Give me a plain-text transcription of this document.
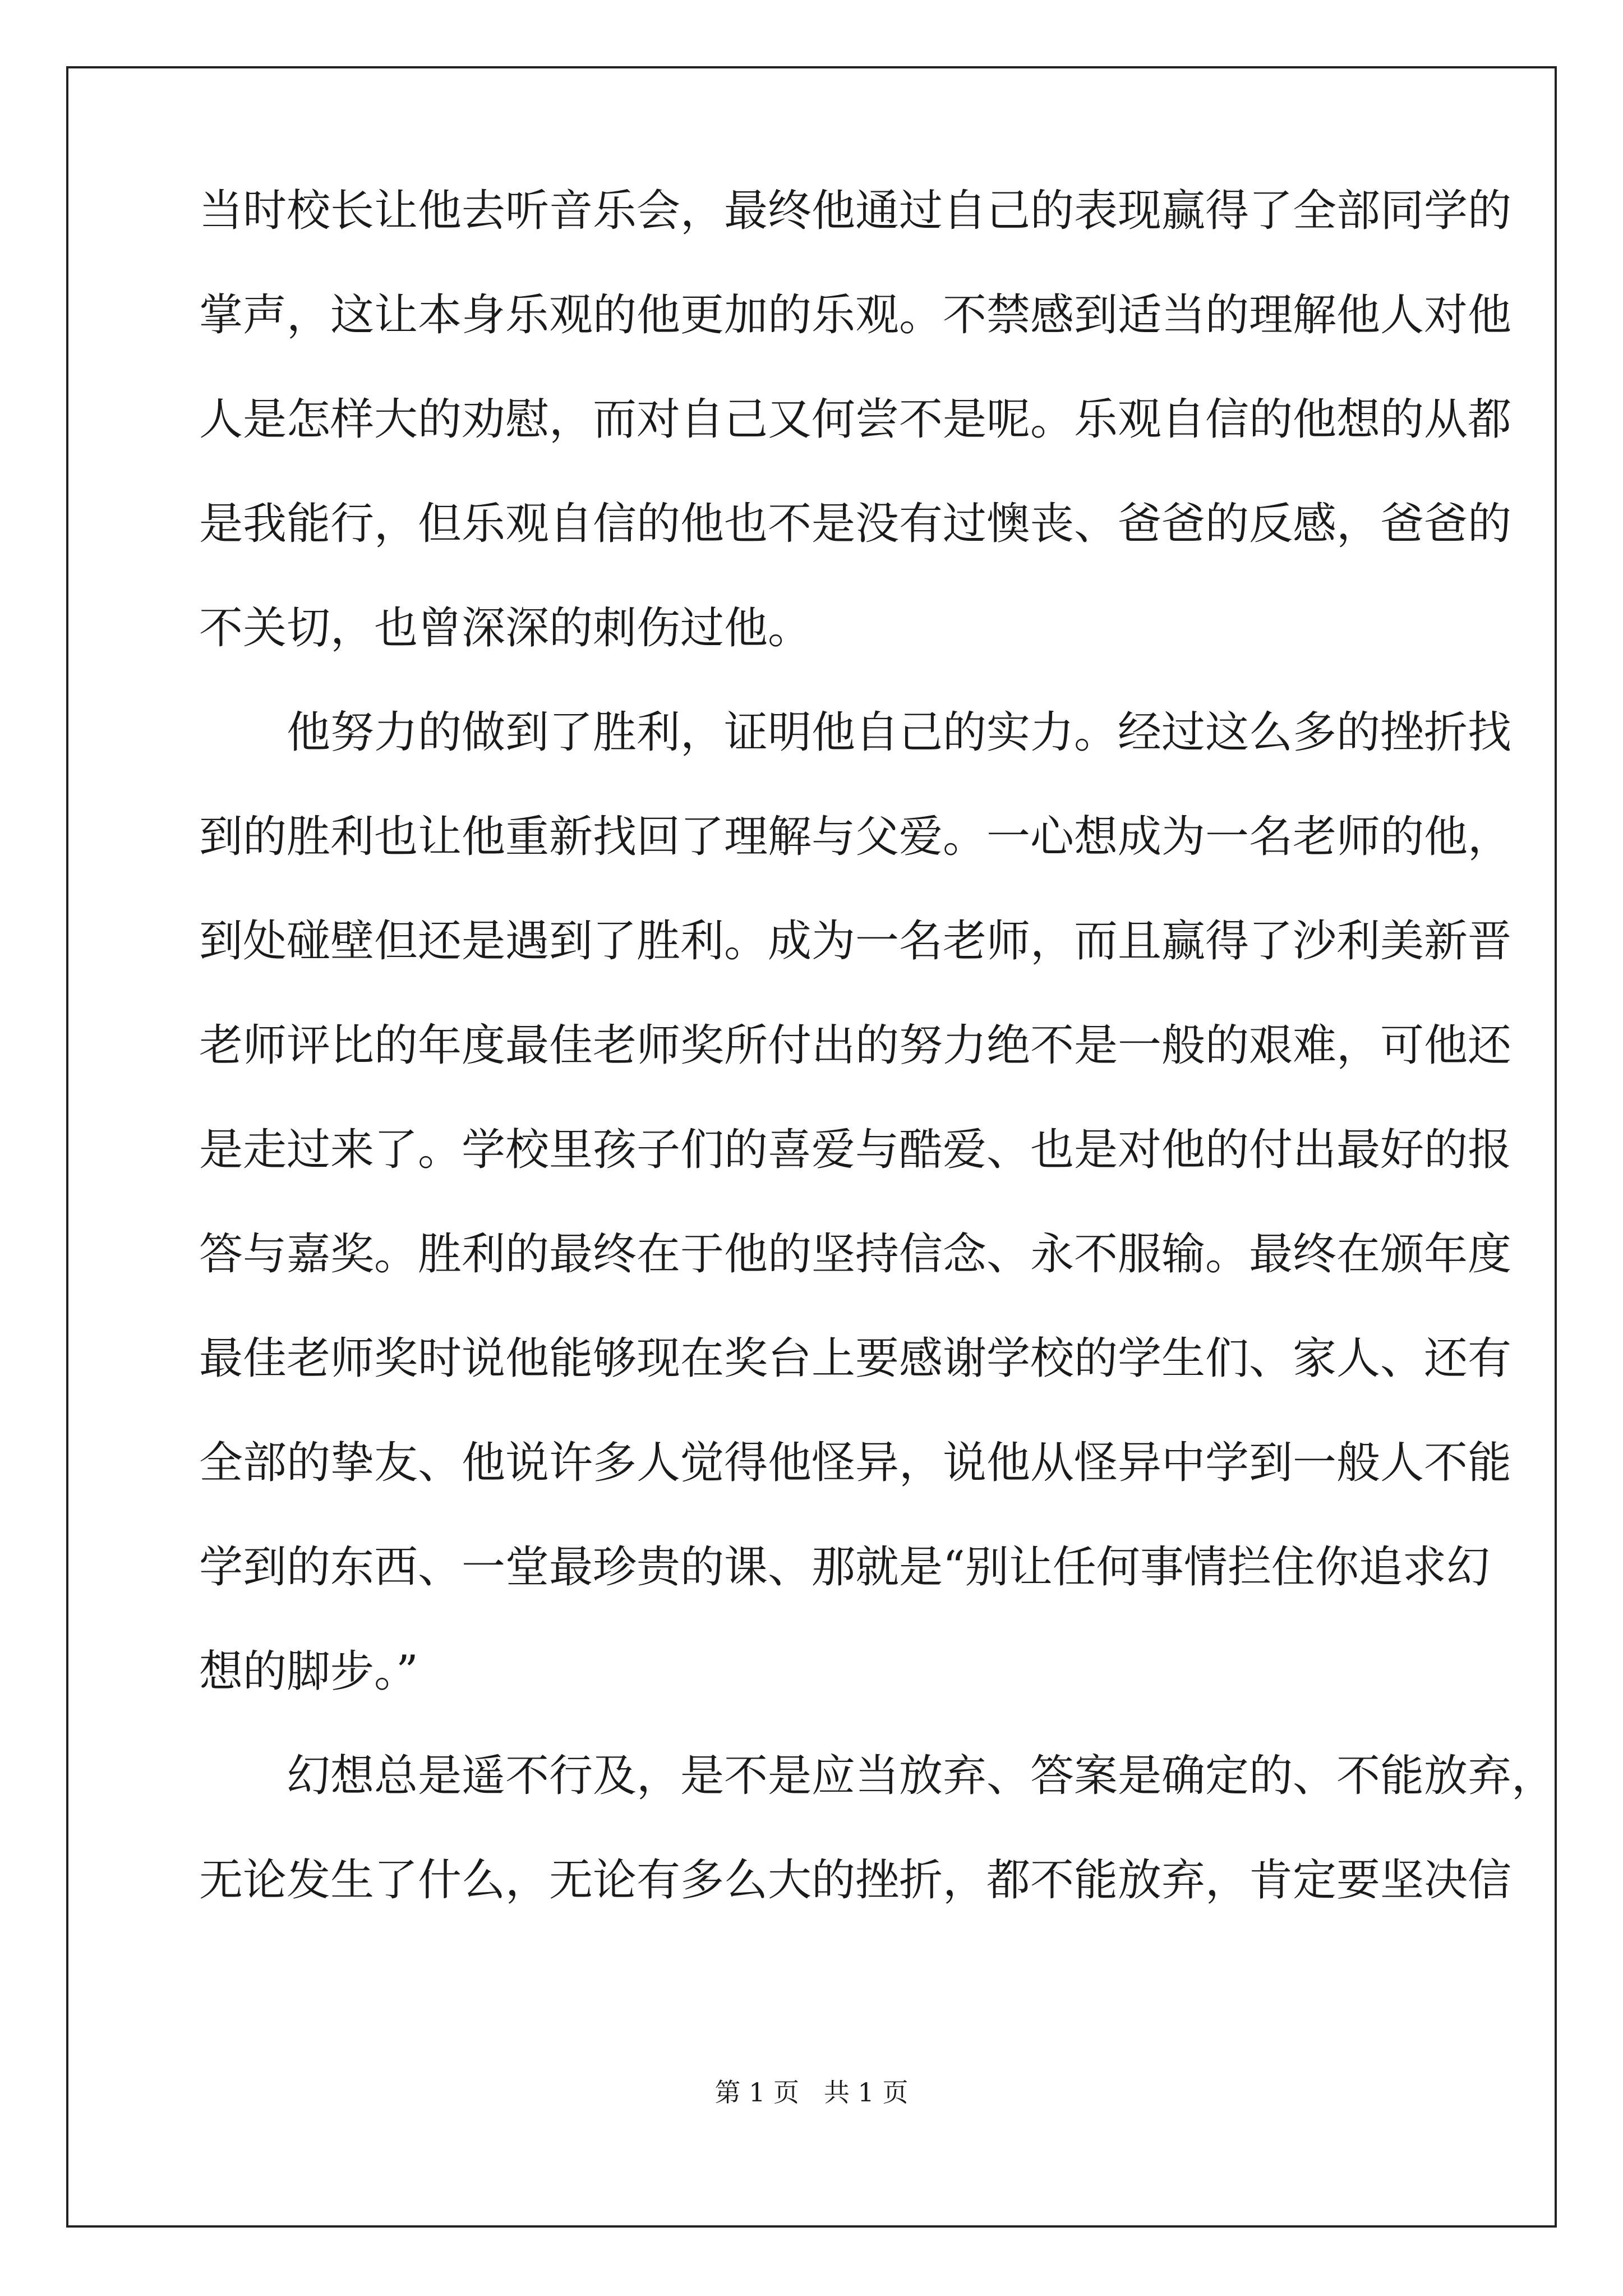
当时校长让他去听音乐会，最终他通过自己的表现赢得了全部同学的
掌声，这让本身乐观的他更加的乐观。不禁感到适当的理解他人对他
人是怎样大的劝慰，而对自己又何尝不是呢。乐观自信的他想的从都
是我能行，但乐观自信的他也不是没有过懊丧、爸爸的反感，爸爸的
不关切，也曾深深的刺伤过他。
他努力的做到了胜利，证明他自己的实力。经过这么多的挫折找
到的胜利也让他重新找回了理解与父爱。一心想成为一名老师的他，
到处碰壁但还是遇到了胜利。成为一名老师，而且赢得了沙利美新晋
老师评比的年度最佳老师奖所付出的努力绝不是一般的艰难，可他还
是走过来了。学校里孩子们的喜爱与酷爱、也是对他的付出最好的报
答与嘉奖。胜利的最终在于他的坚持信念、永不服输。最终在颁年度
最佳老师奖时说他能够现在奖台上要感谢学校的学生们、家人、还有
全部的挚友、他说许多人觉得他怪异，说他从怪异中学到一般人不能
学到的东西、一堂最珍贵的课、那就是“别让任何事情拦住你追求幻
想的脚步。”
幻想总是遥不行及，是不是应当放弃、答案是确定的、不能放弃，
无论发生了什么，无论有多么大的挫折，都不能放弃，肯定要坚决信
第 1 页 共 1 页
